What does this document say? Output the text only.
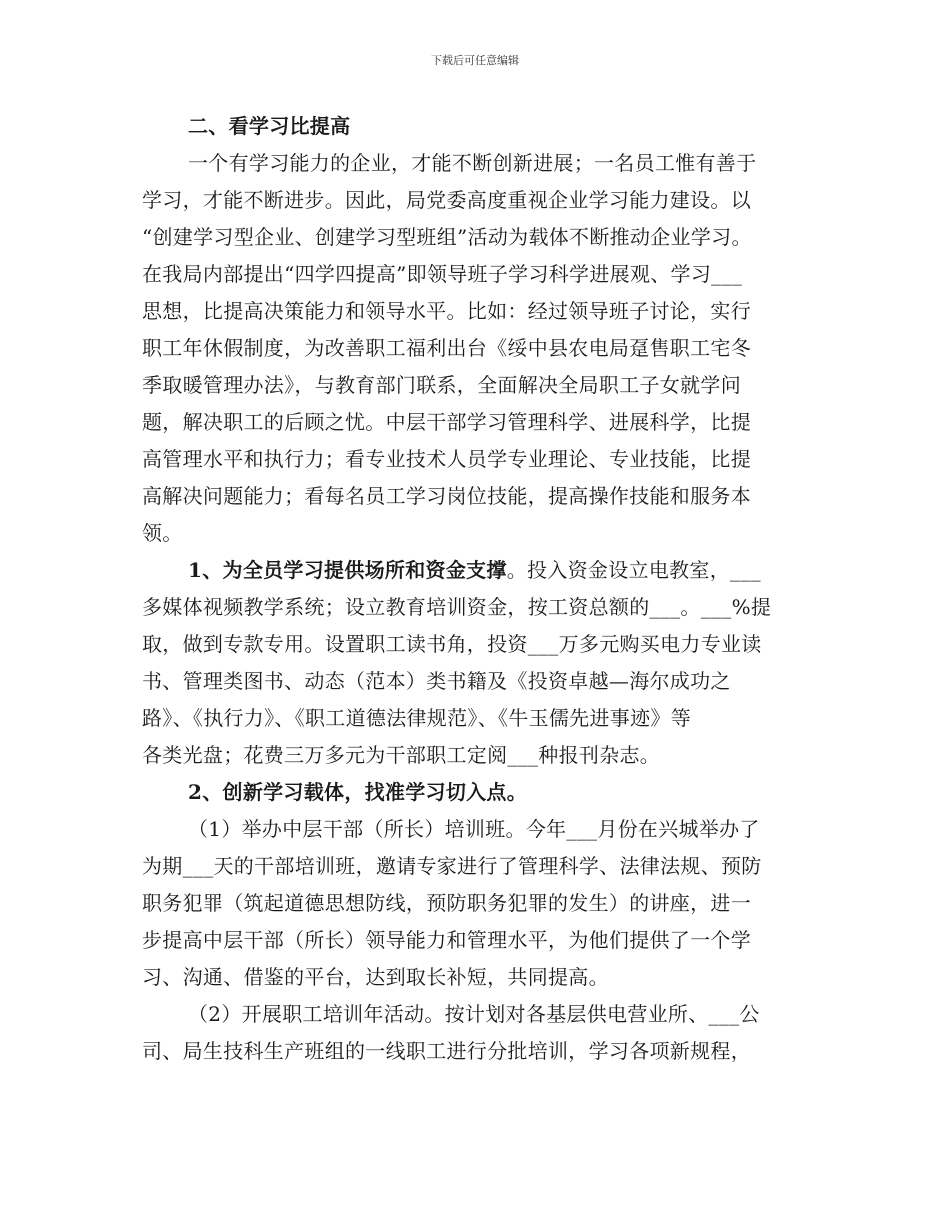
下载后可任意编辑

二、看学习比提高

一个有学习能力的企业，才能不断创新进展；一名员工惟有善于
学习，才能不断进步。因此，局党委高度重视企业学习能力建设。以
“创建学习型企业、创建学习型班组”活动为载体不断推动企业学习。
在我局内部提出“四学四提高”即领导班子学习科学进展观、学习___
思想，比提高决策能力和领导水平。比如：经过领导班子讨论，实行
职工年休假制度，为改善职工福利出台《绥中县农电局趸售职工宅冬
季取暖管理办法》，与教育部门联系，全面解决全局职工子女就学问
题，解决职工的后顾之忧。中层干部学习管理科学、进展科学，比提
高管理水平和执行力；看专业技术人员学专业理论、专业技能，比提
高解决问题能力；看每名员工学习岗位技能，提高操作技能和服务本
领。

1、为全员学习提供场所和资金支撑。投入资金设立电教室，___
多媒体视频教学系统；设立教育培训资金，按工资总额的___。___%提
取，做到专款专用。设置职工读书角，投资___万多元购买电力专业读
书、管理类图书、动态（范本）类书籍及《投资卓越—海尔成功之
路》、《执行力》、《职工道德法律规范》、《牛玉儒先进事迹》等
各类光盘；花费三万多元为干部职工定阅___种报刊杂志。

2、创新学习载体，找准学习切入点。

（1）举办中层干部（所长）培训班。今年___月份在兴城举办了
为期___天的干部培训班，邀请专家进行了管理科学、法律法规、预防
职务犯罪（筑起道德思想防线，预防职务犯罪的发生）的讲座，进一
步提高中层干部（所长）领导能力和管理水平，为他们提供了一个学
习、沟通、借鉴的平台，达到取长补短，共同提高。

（2）开展职工培训年活动。按计划对各基层供电营业所、___公
司、局生技科生产班组的一线职工进行分批培训，学习各项新规程，
